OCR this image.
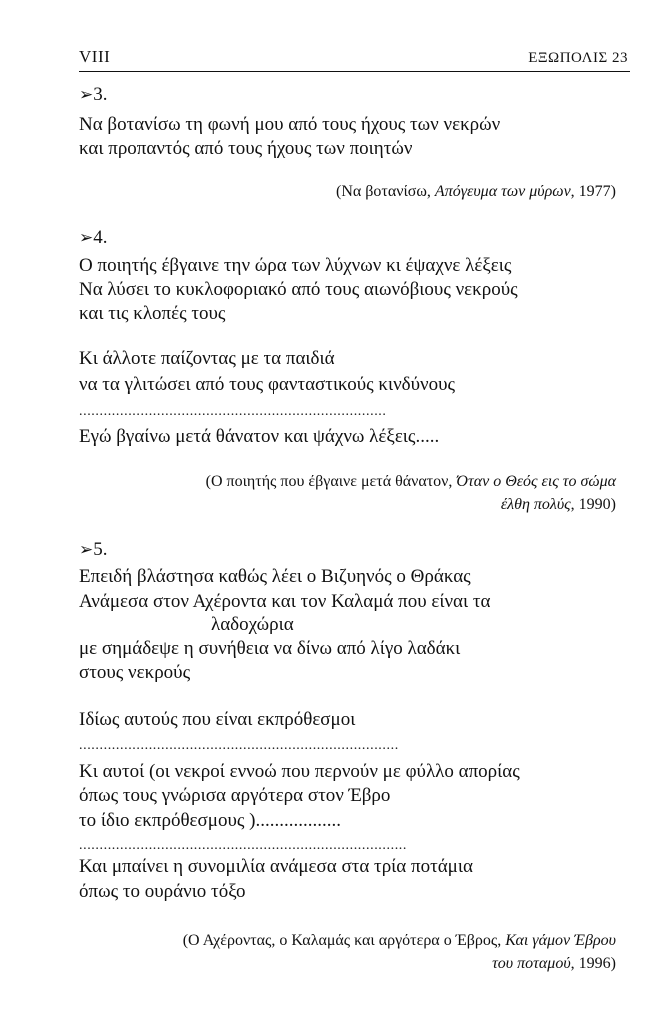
VIII	ΕΞΩΠΟΛΙΣ 23
➢3.
Να βοτανίσω τη φωνή μου από τους ήχους των νεκρών
και προπαντός από τους ήχους των ποιητών
(Να βοτανίσω, Απόγευμα των μύρων, 1977)
➢4.
Ο ποιητής έβγαινε την ώρα των λύχνων κι έψαχνε λέξεις
Να λύσει το κυκλοφοριακό από τους αιωνόβιους νεκρούς
και τις κλοπές τους
Κι άλλοτε παίζοντας με τα παιδιά
να τα γλιτώσει από τους φανταστικούς κινδύνους
...........................................................................
Εγώ βγαίνω μετά θάνατον και ψάχνω λέξεις.....
(Ο ποιητής που έβγαινε μετά θάνατον, Όταν ο Θεός εις το σώμα
έλθη πολύς, 1990)
➢5.
Επειδή βλάστησα καθώς λέει ο Βιζυηνός ο Θράκας
Ανάμεσα στον Αχέροντα και τον Καλαμά που είναι τα
λαδοχώρια
με σημάδεψε η συνήθεια να δίνω από λίγο λαδάκι
στους νεκρούς
Ιδίως αυτούς που είναι εκπρόθεσμοι
..............................................................................
Κι αυτοί (οι νεκροί εννοώ που περνούν με φύλλο απορίας
όπως τους γνώρισα αργότερα στον Έβρο
το ίδιο εκπρόθεσμους )..................
................................................................................
Και μπαίνει η συνομιλία ανάμεσα στα τρία ποτάμια
όπως το ουράνιο τόξο
(Ο Αχέροντας, ο Καλαμάς και αργότερα ο Έβρος, Και γάμον Έβρου
του ποταμού, 1996)
